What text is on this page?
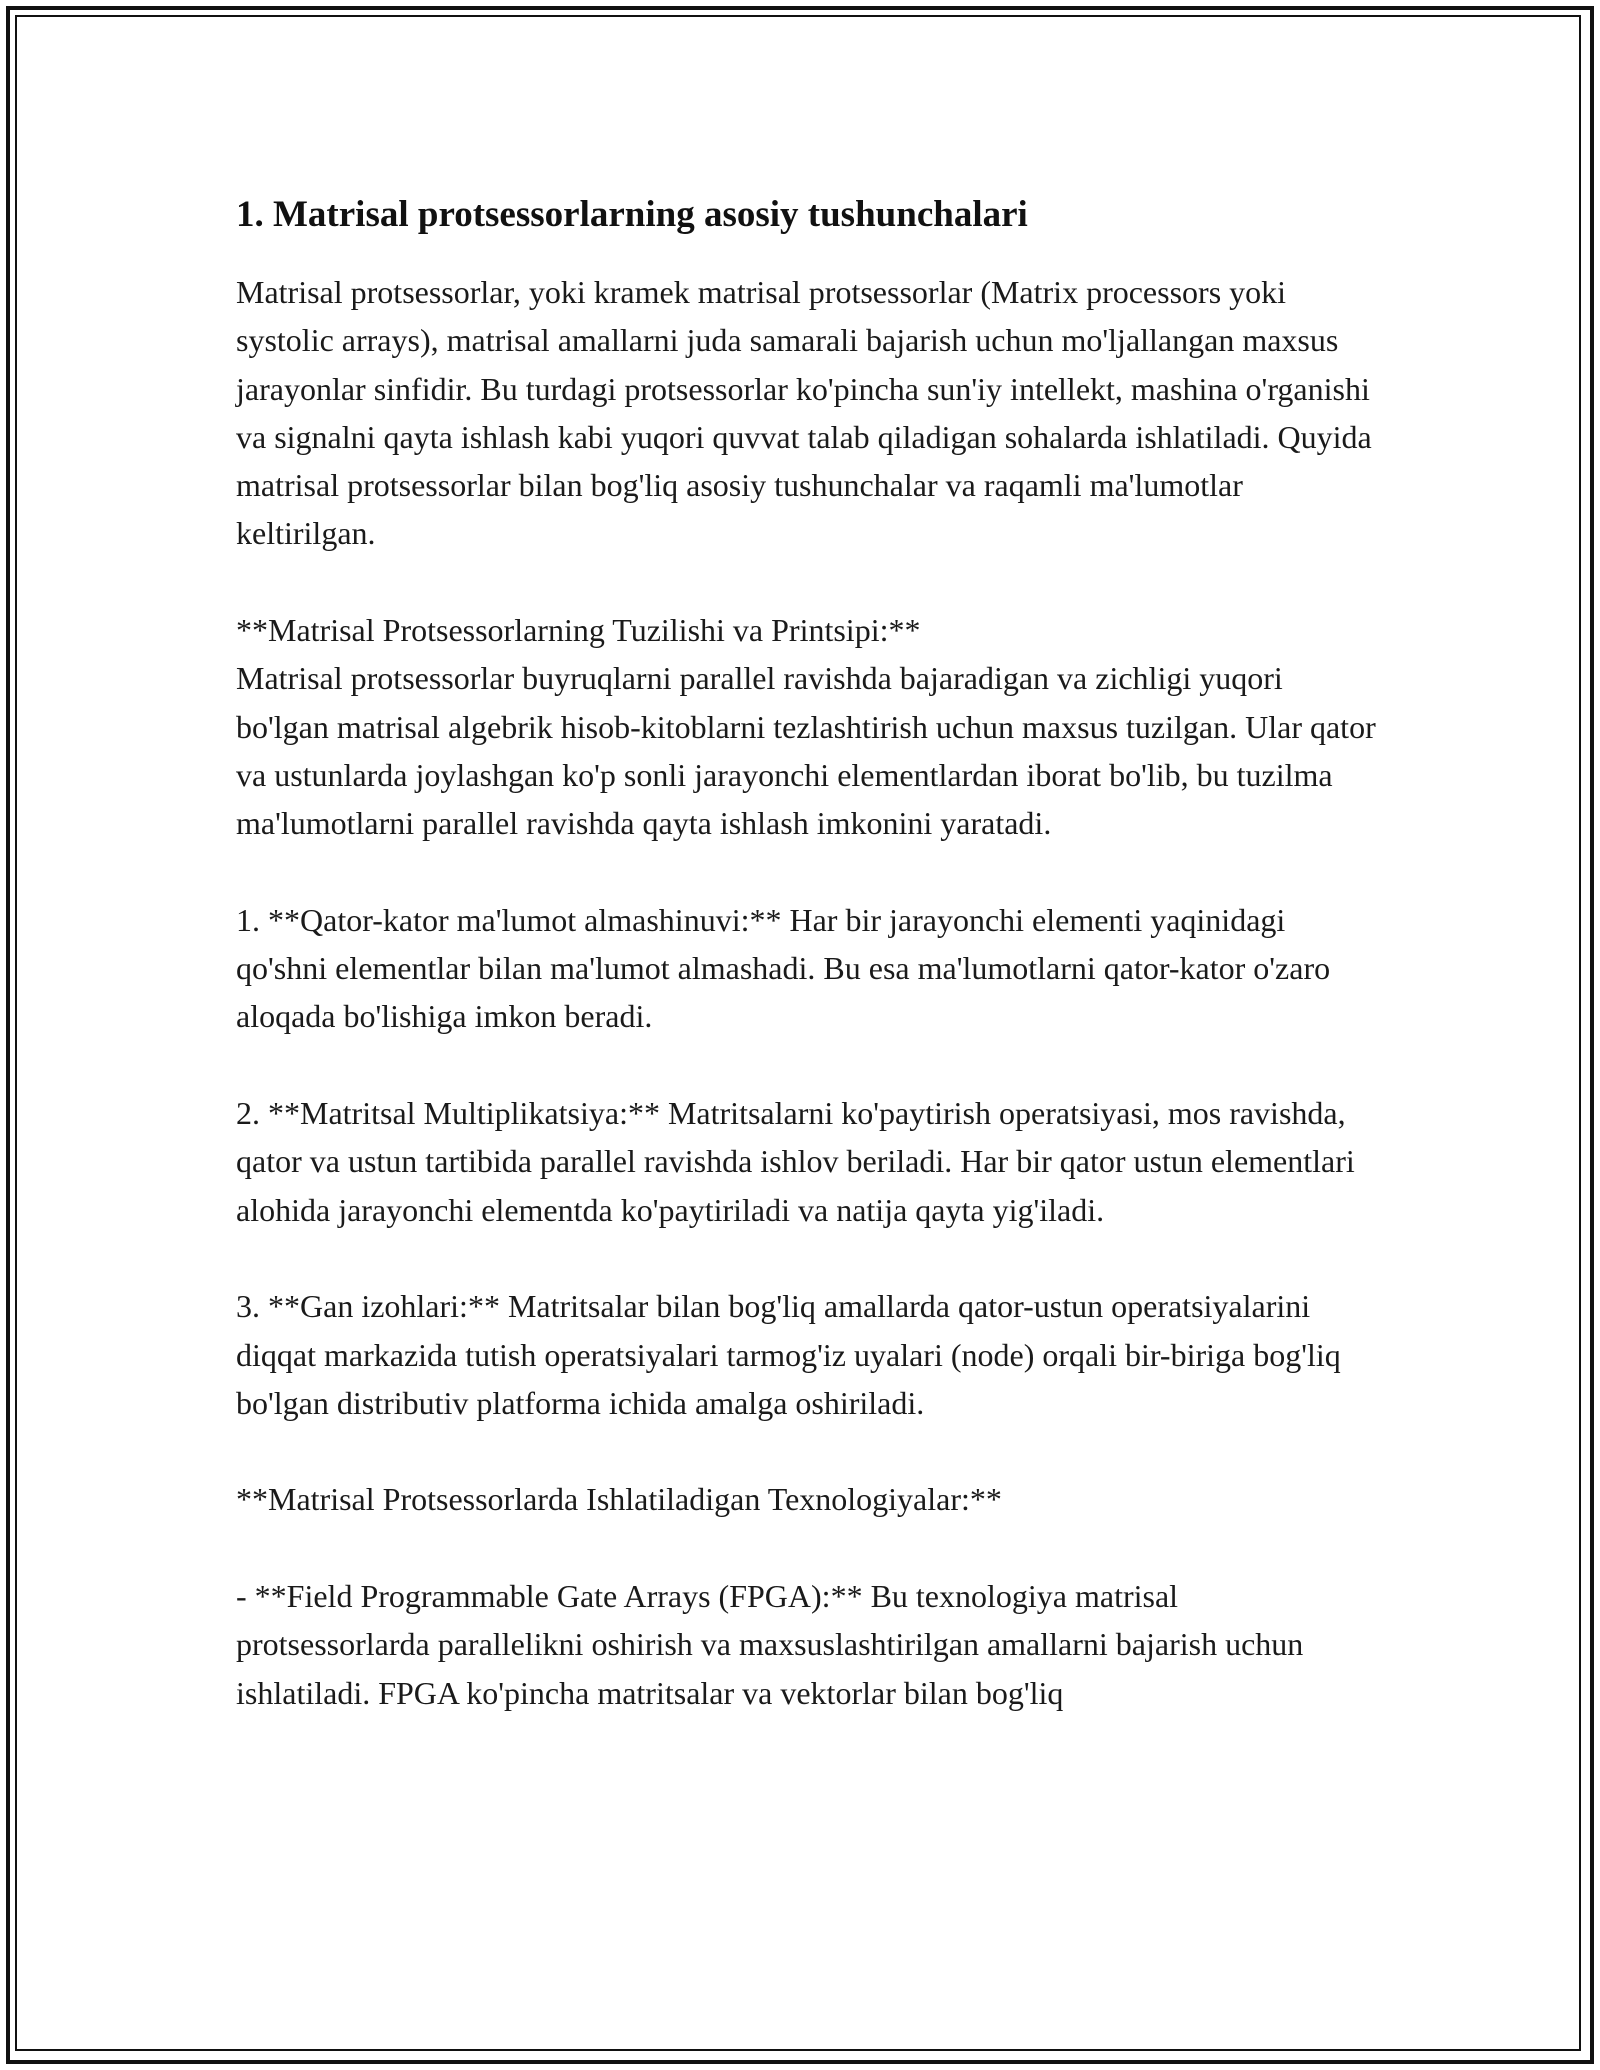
1. Matrisal protsessorlarning asosiy tushunchalari

Matrisal protsessorlar, yoki kramek matrisal protsessorlar (Matrix processors yoki systolic arrays), matrisal amallarni juda samarali bajarish uchun mo'ljallangan maxsus jarayonlar sinfidir. Bu turdagi protsessorlar ko'pincha sun'iy intellekt, mashina o'rganishi va signalni qayta ishlash kabi yuqori quvvat talab qiladigan sohalarda ishlatiladi. Quyida matrisal protsessorlar bilan bog'liq asosiy tushunchalar va raqamli ma'lumotlar keltirilgan.

**Matrisal Protsessorlarning Tuzilishi va Printsipi:**

Matrisal protsessorlar buyruqlarni parallel ravishda bajaradigan va zichligi yuqori bo'lgan matrisal algebrik hisob-kitoblarni tezlashtirish uchun maxsus tuzilgan. Ular qator va ustunlarda joylashgan ko'p sonli jarayonchi elementlardan iborat bo'lib, bu tuzilma ma'lumotlarni parallel ravishda qayta ishlash imkonini yaratadi.

1. **Qator-kator ma'lumot almashinuvi:** Har bir jarayonchi elementi yaqinidagi qo'shni elementlar bilan ma'lumot almashadi. Bu esa ma'lumotlarni qator-kator o'zaro aloqada bo'lishiga imkon beradi.

2. **Matritsal Multiplikatsiya:** Matritsalarni ko'paytirish operatsiyasi, mos ravishda, qator va ustun tartibida parallel ravishda ishlov beriladi. Har bir qator ustun elementlari alohida jarayonchi elementda ko'paytiriladi va natija qayta yig'iladi.

3. **Gan izohlari:** Matritsalar bilan bog'liq amallarda qator-ustun operatsiyalarini diqqat markazida tutish operatsiyalari tarmog'iz uyalari (node) orqali bir-biriga bog'liq bo'lgan distributiv platforma ichida amalga oshiriladi.

**Matrisal Protsessorlarda Ishlatiladigan Texnologiyalar:**

- **Field Programmable Gate Arrays (FPGA):** Bu texnologiya matrisal protsessorlarda parallelikni oshirish va maxsuslashtirilgan amallarni bajarish uchun ishlatiladi. FPGA ko'pincha matritsalar va vektorlar bilan bog'liq
